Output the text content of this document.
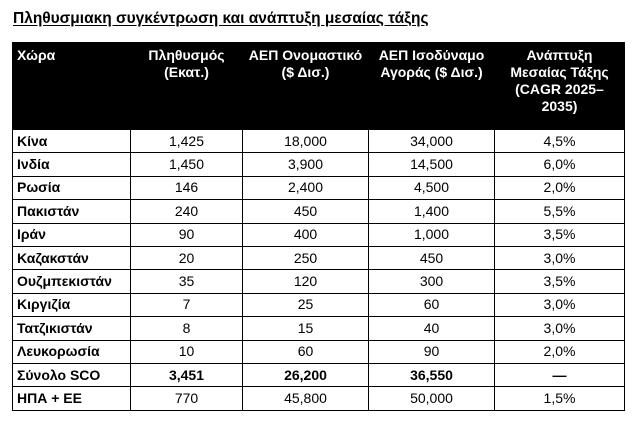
Πληθυσμιακη συγκέντρωση και ανάπτυξη μεσαίας τάξης
Χώρα	Πληθυσμός (Εκατ.)	ΑΕΠ Ονομαστικό ($ Δισ.)	ΑΕΠ Ισοδύναμο Αγοράς ($ Δισ.)	Ανάπτυξη Μεσαίας Τάξης (CAGR 2025–2035)
Κίνα	1,425	18,000	34,000	4,5%
Ινδία	1,450	3,900	14,500	6,0%
Ρωσία	146	2,400	4,500	2,0%
Πακιστάν	240	450	1,400	5,5%
Ιράν	90	400	1,000	3,5%
Καζακστάν	20	250	450	3,0%
Ουζμπεκιστάν	35	120	300	3,5%
Κιργιζία	7	25	60	3,0%
Τατζικιστάν	8	15	40	3,0%
Λευκορωσία	10	60	90	2,0%
Σύνολο SCO	3,451	26,200	36,550	—
ΗΠΑ + ΕΕ	770	45,800	50,000	1,5%
